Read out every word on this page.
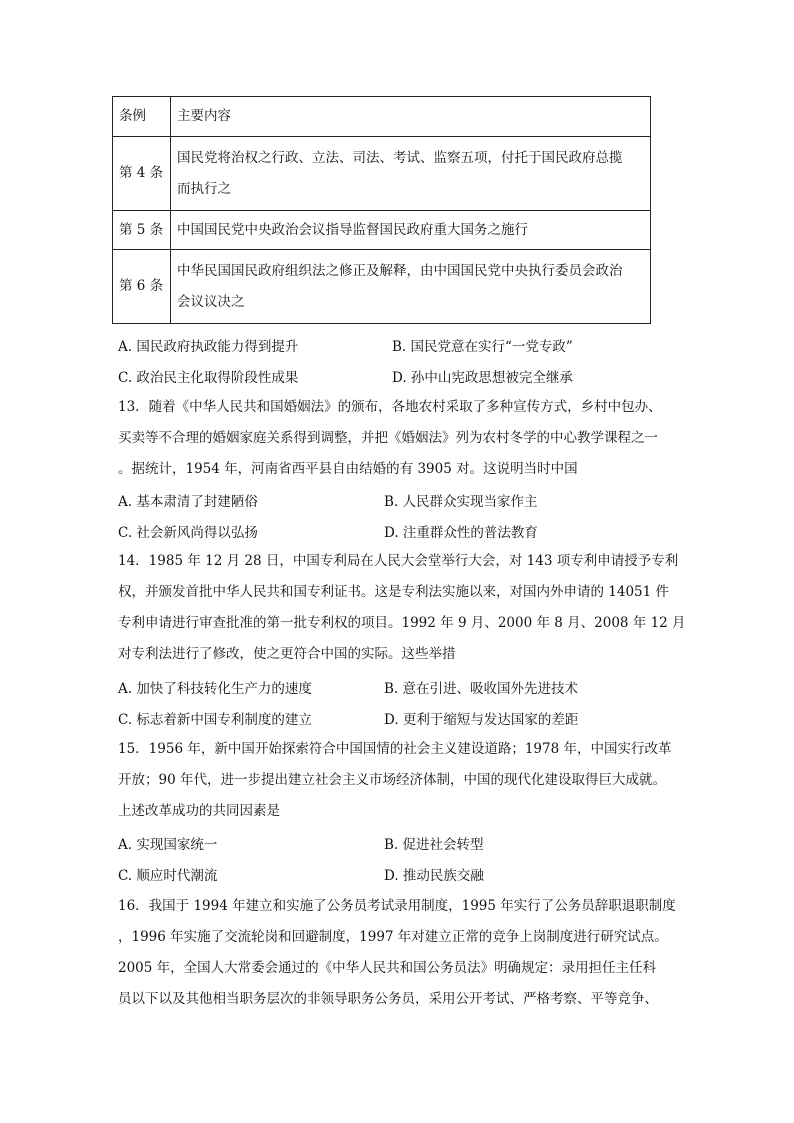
条例	主要内容
第 4 条	国民党将治权之行政、立法、司法、考试、监察五项，付托于国民政府总揽
而执行之

第 5 条	中国国民党中央政治会议指导监督国民政府重大国务之施行
第 6 条	中华民国国民政府组织法之修正及解释，由中国国民党中央执行委员会政治
会议议决之
A. 国民政府执政能力得到提升	B. 国民党意在实行“一党专政”
C. 政治民主化取得阶段性成果	D. 孙中山宪政思想被完全继承
13．随着《中华人民共和国婚姻法》的颁布，各地农村采取了多种宣传方式，乡村中包办、
买卖等不合理的婚姻家庭关系得到调整，并把《婚姻法》列为农村冬学的中心教学课程之一
。据统计，1954 年，河南省西平县自由结婚的有 3905 对。这说明当时中国
A. 基本肃清了封建陋俗	B. 人民群众实现当家作主
C. 社会新风尚得以弘扬	D. 注重群众性的普法教育
14．1985 年 12 月 28 日，中国专利局在人民大会堂举行大会，对 143 项专利申请授予专利
权，并颁发首批中华人民共和国专利证书。这是专利法实施以来，对国内外申请的 14051 件
专利申请进行审查批准的第一批专利权的项目。1992 年 9 月、2000 年 8 月、2008 年 12 月
对专利法进行了修改，使之更符合中国的实际。这些举措
A. 加快了科技转化生产力的速度	B. 意在引进、吸收国外先进技术
C. 标志着新中国专利制度的建立	D. 更利于缩短与发达国家的差距
15．1956 年，新中国开始探索符合中国国情的社会主义建设道路；1978 年，中国实行改革
开放；90 年代，进一步提出建立社会主义市场经济体制，中国的现代化建设取得巨大成就。
上述改革成功的共同因素是
A. 实现国家统一	B. 促进社会转型
C. 顺应时代潮流	D. 推动民族交融
16．我国于 1994 年建立和实施了公务员考试录用制度，1995 年实行了公务员辞职退职制度
，1996 年实施了交流轮岗和回避制度，1997 年对建立正常的竞争上岗制度进行研究试点。
2005 年，全国人大常委会通过的《中华人民共和国公务员法》明确规定：录用担任主任科
员以下以及其他相当职务层次的非领导职务公务员，采用公开考试、严格考察、平等竞争、
